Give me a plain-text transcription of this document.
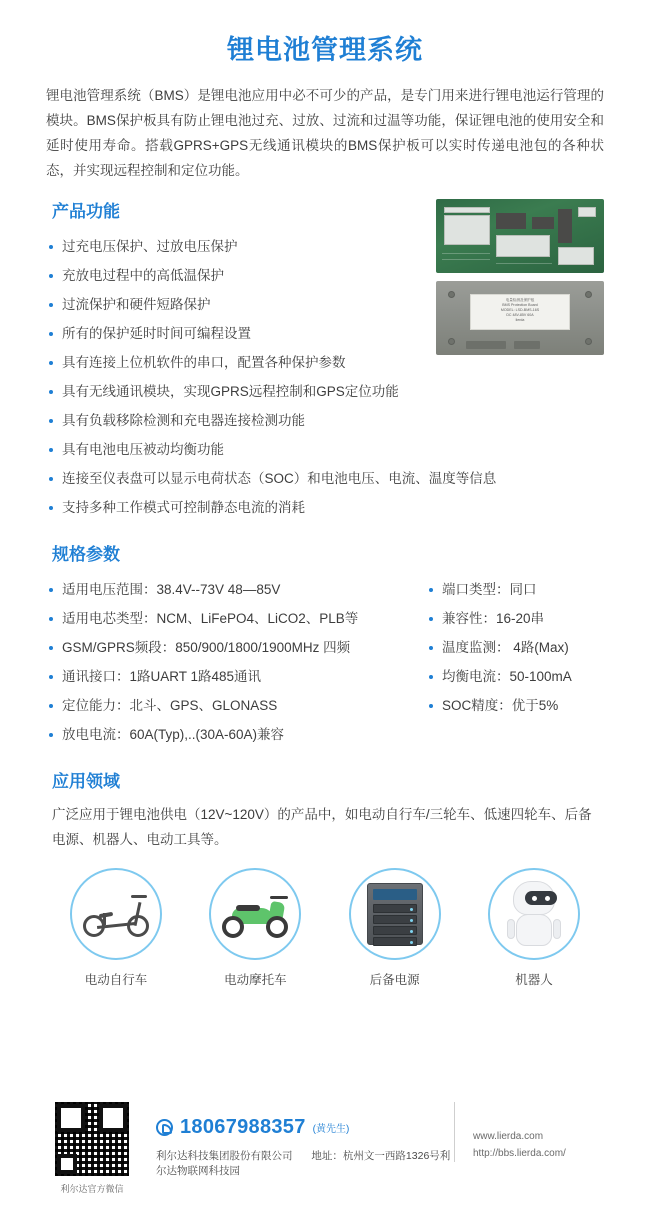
锂电池管理系统
锂电池管理系统（BMS）是锂电池应用中必不可少的产品，是专门用来进行锂电池运行管理的模块。BMS保护板具有防止锂电池过充、过放、过流和过温等功能，保证锂电池的使用安全和延时使用寿命。搭载GPRS+GPS无线通讯模块的BMS保护板可以实时传递电池包的各种状态，并实现远程控制和定位功能。
产品功能
电量检测及保护板
BMS Protection Board
MODEL: LSD-BMS-16S
DC 48V-85V 60A
lierda
过充电压保护、过放电压保护
充放电过程中的高低温保护
过流保护和硬件短路保护
所有的保护延时时间可编程设置
具有连接上位机软件的串口，配置各种保护参数
具有无线通讯模块，实现GPRS远程控制和GPS定位功能
具有负载移除检测和充电器连接检测功能
具有电池电压被动均衡功能
连接至仪表盘可以显示电荷状态（SOC）和电池电压、电流、温度等信息
支持多种工作模式可控制静态电流的消耗
规格参数
适用电压范围：38.4V--73V 48—85V
适用电芯类型：NCM、LiFePO4、LiCO2、PLB等
GSM/GPRS频段：850/900/1800/1900MHz 四频
通讯接口：1路UART 1路485通讯
定位能力：北斗、GPS、GLONASS
放电电流：60A(Typ),..(30A-60A)兼容
端口类型：同口
兼容性：16-20串
温度监测： 4路(Max)
均衡电流：50-100mA
SOC精度：优于5%
应用领域
广泛应用于锂电池供电（12V~120V）的产品中，如电动自行车/三轮车、低速四轮车、后备电源、机器人、电动工具等。
电动自行车	电动摩托车	后备电源	机器人
利尔达官方微信
18067988357 (黄先生)
利尔达科技集团股份有限公司 地址：杭州文一西路1326号利尔达物联网科技园
www.lierda.com
http://bbs.lierda.com/
